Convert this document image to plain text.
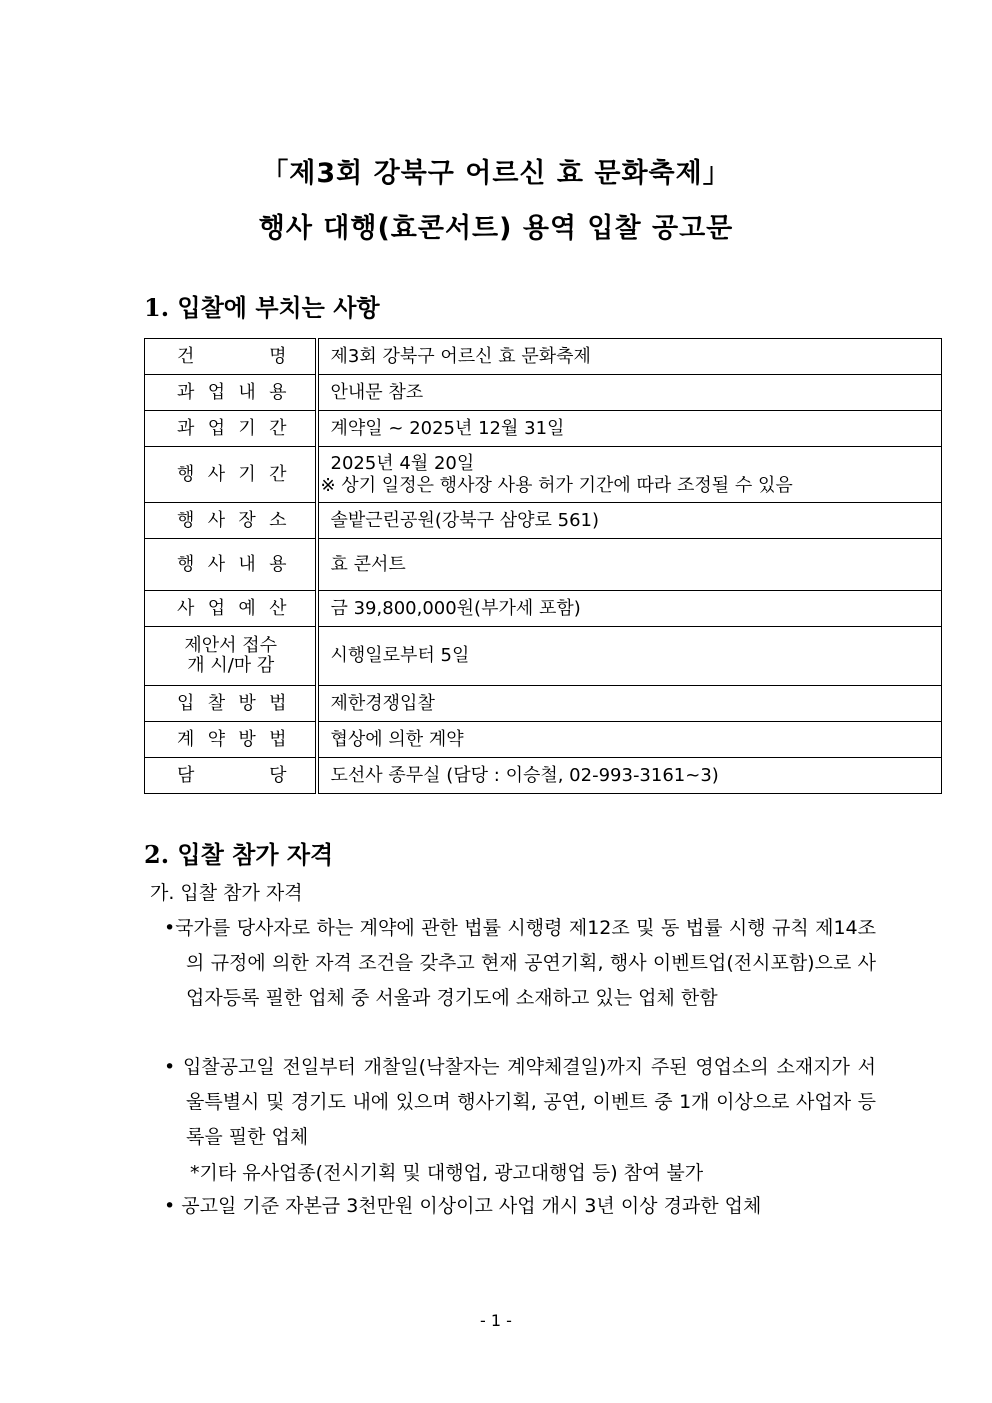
「제3회 강북구 어르신 효 문화축제」
행사 대행(효콘서트) 용역 입찰 공고문
1. 입찰에 부치는 사항
건 명	제3회 강북구 어르신 효 문화축제
과 업 내 용	안내문 참조
과 업 기 간	계약일 ~ 2025년 12월 31일
행 사 기 간	2025년 4월 20일
※ 상기 일정은 행사장 사용 허가 기간에 따라 조정될 수 있음

행 사 장 소	솔밭근린공원(강북구 삼양로 561)
행 사 내 용	효 콘서트
사 업 예 산	금 39,800,000원(부가세 포함)

제안서 접수
개 시/마 감	시행일로부터 5일
입 찰 방 법	제한경쟁입찰
계 약 방 법	협상에 의한 계약
담 당	도선사 종무실 (담당 : 이승철, 02-993-3161~3)
2. 입찰 참가 자격
가. 입찰 참가 자격
•국가를 당사자로 하는 계약에 관한 법률 시행령 제12조 및 동 법률 시행 규칙 제14조의 규정에 의한 자격 조건을 갖추고 현재 공연기획, 행사 이벤트업(전시포함)으로 사업자등록 필한 업체 중 서울과 경기도에 소재하고 있는 업체 한함
• 입찰공고일 전일부터 개찰일(낙찰자는 계약체결일)까지 주된 영업소의 소재지가 서울특별시 및 경기도 내에 있으며 행사기획, 공연, 이벤트 중 1개 이상으로 사업자 등록을 필한 업체
*기타 유사업종(전시기획 및 대행업, 광고대행업 등) 참여 불가
• 공고일 기준 자본금 3천만원 이상이고 사업 개시 3년 이상 경과한 업체
- 1 -
